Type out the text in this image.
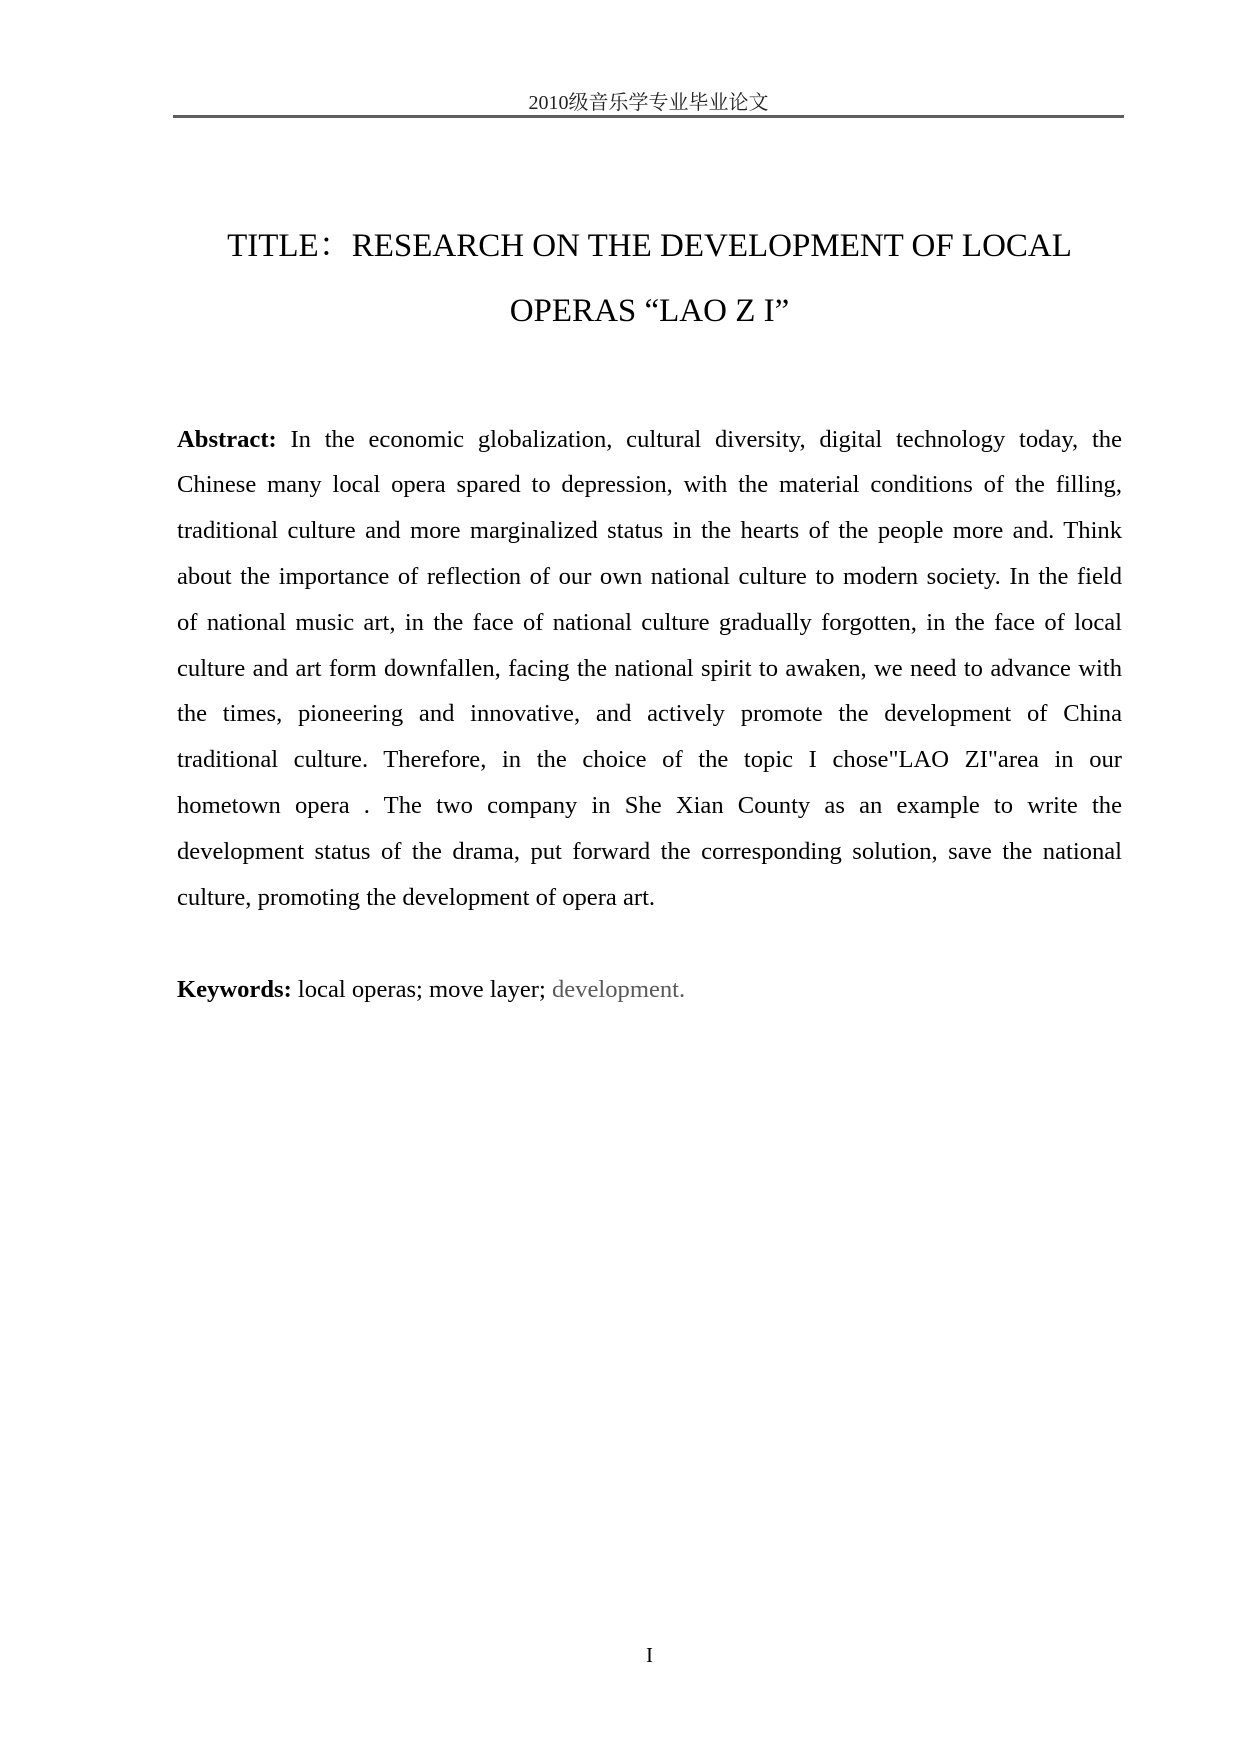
2010级音乐学专业毕业论文
TITLE：RESEARCH ON THE DEVELOPMENT OF LOCAL
OPERAS “LAO Z I”
Abstract: In the economic globalization, cultural diversity, digital technology today, the
Chinese many local opera spared to depression, with the material conditions of the filling,
traditional culture and more marginalized status in the hearts of the people more and. Think
about the importance of reflection of our own national culture to modern society. In the field
of national music art, in the face of national culture gradually forgotten, in the face of local
culture and art form downfallen, facing the national spirit to awaken, we need to advance with
the times, pioneering and innovative, and actively promote the development of China
traditional culture. Therefore, in the choice of the topic I chose"LAO ZI"area in our
hometown opera . The two company in She Xian County as an example to write the
development status of the drama, put forward the corresponding solution, save the national
culture, promoting the development of opera art.
Keywords: local operas; move layer; development.
I
